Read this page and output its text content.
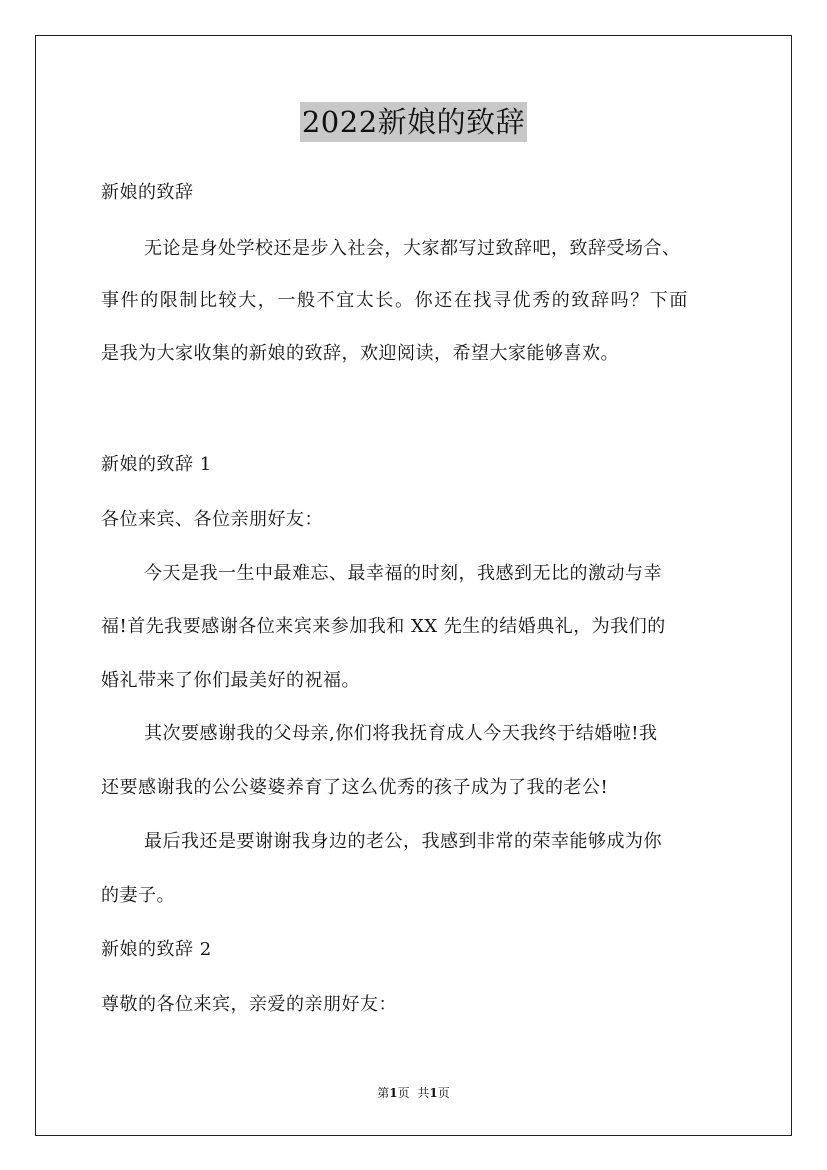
2022新娘的致辞
新娘的致辞
无论是身处学校还是步入社会，大家都写过致辞吧，致辞受场合、
事件的限制比较大，一般不宜太长。你还在找寻优秀的致辞吗？下面
是我为大家收集的新娘的致辞，欢迎阅读，希望大家能够喜欢。
新娘的致辞 1
各位来宾、各位亲朋好友：
今天是我一生中最难忘、最幸福的时刻，我感到无比的激动与幸
福!首先我要感谢各位来宾来参加我和 XX 先生的结婚典礼，为我们的
婚礼带来了你们最美好的祝福。
其次要感谢我的父母亲,你们将我抚育成人今天我终于结婚啦!我
还要感谢我的公公婆婆养育了这么优秀的孩子成为了我的老公!
最后我还是要谢谢我身边的老公，我感到非常的荣幸能够成为你
的妻子。
新娘的致辞 2
尊敬的各位来宾，亲爱的亲朋好友：
第1页 共1页
